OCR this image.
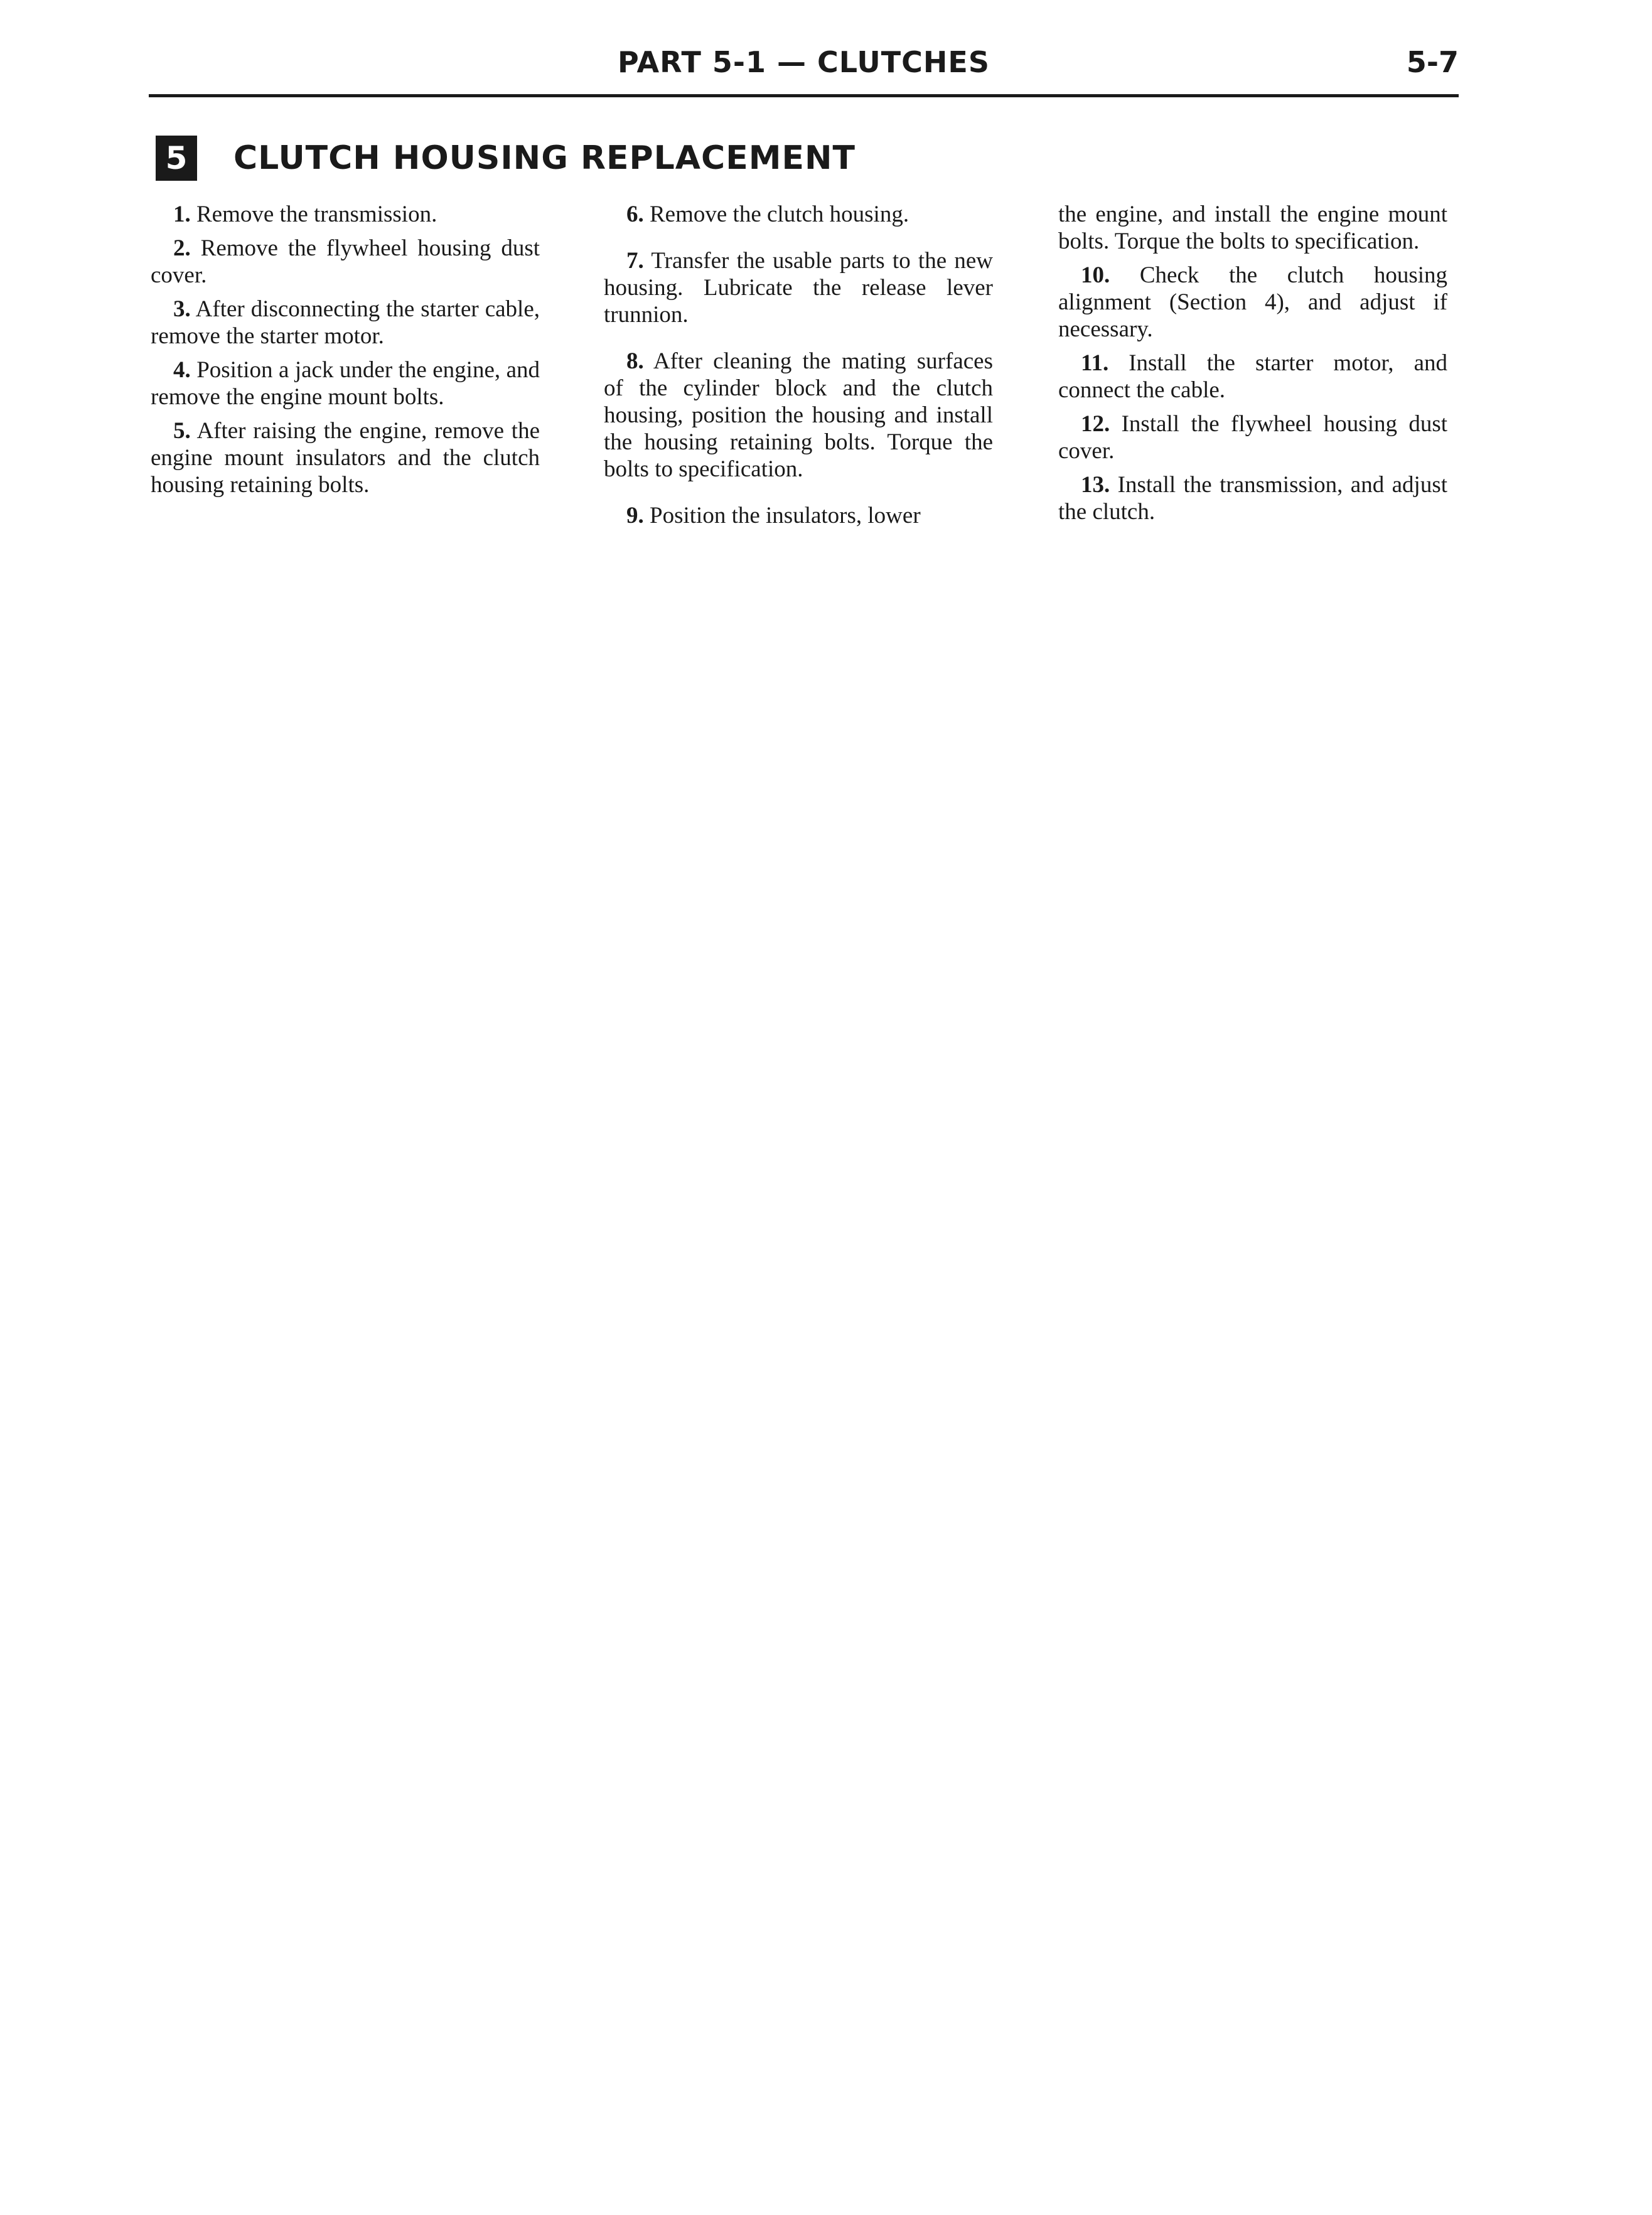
PART 5-1 — CLUTCHES	5-7
5	CLUTCH HOUSING REPLACEMENT

1. Remove the transmission.

2. Remove the flywheel housing dust cover.

3. After disconnecting the starter cable, remove the starter motor.

4. Position a jack under the engine, and remove the engine mount bolts.

5. After raising the engine, remove the engine mount insulators and the clutch housing retaining bolts.

6. Remove the clutch housing.

7. Transfer the usable parts to the new housing. Lubricate the release lever trunnion.

8. After cleaning the mating surfaces of the cylinder block and the clutch housing, position the housing and install the housing retaining bolts. Torque the bolts to specification.

9. Position the insulators, lower

the engine, and install the engine mount bolts. Torque the bolts to specification.

10. Check the clutch housing alignment (Section 4), and adjust if necessary.

11. Install the starter motor, and connect the cable.

12. Install the flywheel housing dust cover.

13. Install the transmission, and adjust the clutch.
